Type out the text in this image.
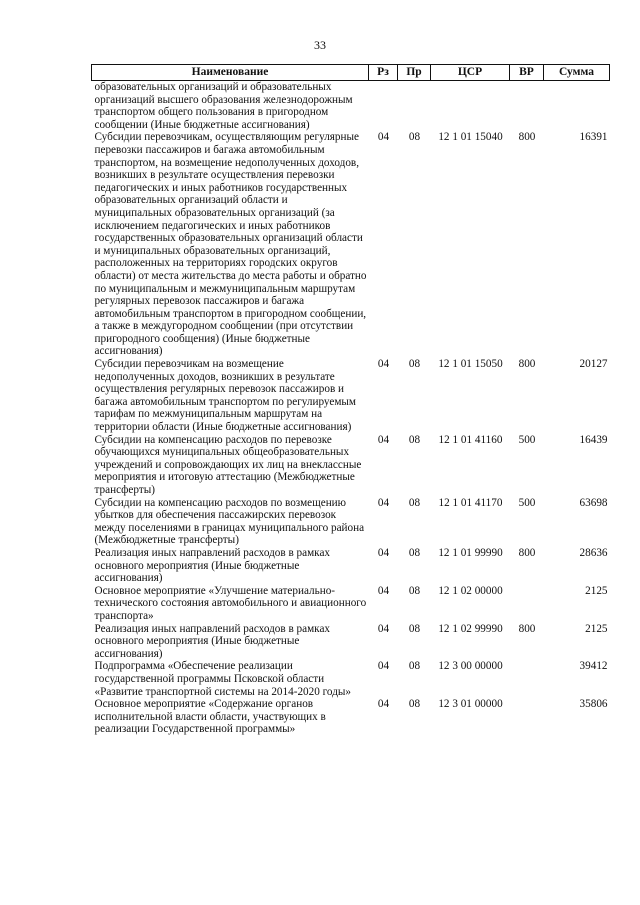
33
Наименование	Рз	Пр	ЦСР	ВР	Сумма
образовательных организаций и образовательных организаций высшего образования железнодорожным транспортом общего пользования в пригородном сообщении (Иные бюджетные ассигнования)					
Субсидии перевозчикам, осуществляющим регулярные перевозки пассажиров и багажа автомобильным транспортом, на возмещение недополученных доходов, возникших в результате осуществления перевозки педагогических и иных работников государственных образовательных организаций области и муниципальных образовательных организаций (за исключением педагогических и иных работников государственных образовательных организаций области и муниципальных образовательных организаций, расположенных на территориях городских округов области) от места жительства до места работы и обратно по муниципальным и межмуниципальным маршрутам регулярных перевозок пассажиров и багажа автомобильным транспортом в пригородном сообщении, а также в междугородном сообщении (при отсутствии пригородного сообщения) (Иные бюджетные ассигнования)	04	08	12 1 01 15040	800	16391
Субсидии перевозчикам на возмещение недополученных доходов, возникших в результате осуществления регулярных перевозок пассажиров и багажа автомобильным транспортом по регулируемым тарифам по межмуниципальным маршрутам на территории области (Иные бюджетные ассигнования)	04	08	12 1 01 15050	800	20127
Субсидии на компенсацию расходов по перевозке обучающихся муниципальных общеобразовательных учреждений и сопровождающих их лиц на внеклассные мероприятия и итоговую аттестацию (Межбюджетные трансферты)	04	08	12 1 01 41160	500	16439
Субсидии на компенсацию расходов по возмещению убытков для обеспечения пассажирских перевозок между поселениями в границах муниципального района (Межбюджетные трансферты)	04	08	12 1 01 41170	500	63698
Реализация иных направлений расходов в рамках основного мероприятия (Иные бюджетные ассигнования)	04	08	12 1 01 99990	800	28636
Основное мероприятие «Улучшение материально-технического состояния автомобильного и авиационного транспорта»	04	08	12 1 02 00000		2125
Реализация иных направлений расходов в рамках основного мероприятия (Иные бюджетные ассигнования)	04	08	12 1 02 99990	800	2125
Подпрограмма «Обеспечение реализации государственной программы Псковской области «Развитие транспортной системы на 2014-2020 годы»	04	08	12 3 00 00000		39412
Основное мероприятие «Содержание органов исполнительной власти области, участвующих в реализации Государственной программы»	04	08	12 3 01 00000		35806
